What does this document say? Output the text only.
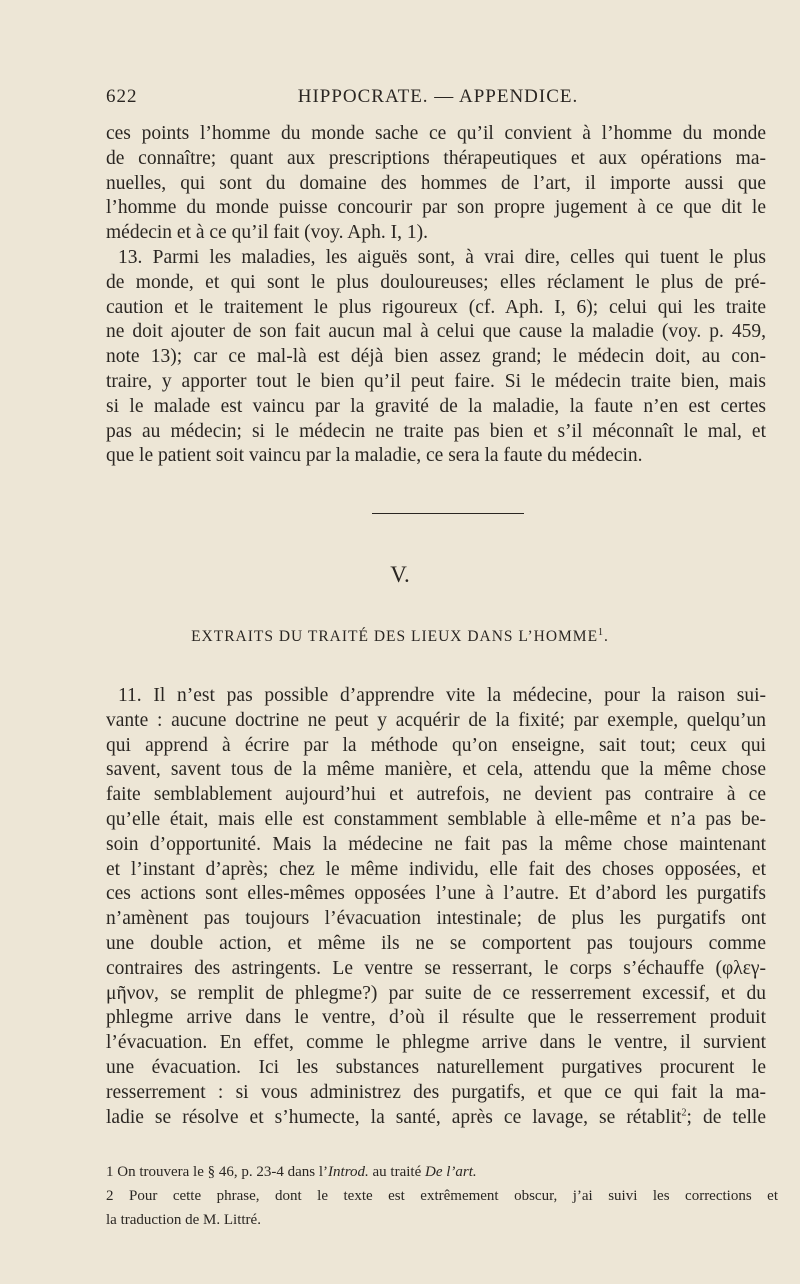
622	HIPPOCRATE. — APPENDICE.
ces points l’homme du monde sache ce qu’il convient à l’homme du monde
de connaître; quant aux prescriptions thérapeutiques et aux opérations ma-
nuelles, qui sont du domaine des hommes de l’art, il importe aussi que
l’homme du monde puisse concourir par son propre jugement à ce que dit le
médecin et à ce qu’il fait (voy. Aph. I, 1).
13. Parmi les maladies, les aiguës sont, à vrai dire, celles qui tuent le plus
de monde, et qui sont le plus douloureuses; elles réclament le plus de pré-
caution et le traitement le plus rigoureux (cf. Aph. I, 6); celui qui les traite
ne doit ajouter de son fait aucun mal à celui que cause la maladie (voy. p. 459,
note 13); car ce mal-là est déjà bien assez grand; le médecin doit, au con-
traire, y apporter tout le bien qu’il peut faire. Si le médecin traite bien, mais
si le malade est vaincu par la gravité de la maladie, la faute n’en est certes
pas au médecin; si le médecin ne traite pas bien et s’il méconnaît le mal, et
que le patient soit vaincu par la maladie, ce sera la faute du médecin.
V.
EXTRAITS DU TRAITÉ DES LIEUX DANS L’HOMME$^1$.
11. Il n’est pas possible d’apprendre vite la médecine, pour la raison sui-
vante : aucune doctrine ne peut y acquérir de la fixité; par exemple, quelqu’un
qui apprend à écrire par la méthode qu’on enseigne, sait tout; ceux qui
savent, savent tous de la même manière, et cela, attendu que la même chose
faite semblablement aujourd’hui et autrefois, ne devient pas contraire à ce
qu’elle était, mais elle est constamment semblable à elle-même et n’a pas be-
soin d’opportunité. Mais la médecine ne fait pas la même chose maintenant
et l’instant d’après; chez le même individu, elle fait des choses opposées, et
ces actions sont elles-mêmes opposées l’une à l’autre. Et d’abord les purgatifs
n’amènent pas toujours l’évacuation intestinale; de plus les purgatifs ont
une double action, et même ils ne se comportent pas toujours comme
contraires des astringents. Le ventre se resserrant, le corps s’échauffe (φλεγ-
μῆνον, se remplit de phlegme?) par suite de ce resserrement excessif, et du
phlegme arrive dans le ventre, d’où il résulte que le resserrement produit
l’évacuation. En effet, comme le phlegme arrive dans le ventre, il survient
une évacuation. Ici les substances naturellement purgatives procurent le
resserrement : si vous administrez des purgatifs, et que ce qui fait la ma-
ladie se résolve et s’humecte, la santé, après ce lavage, se rétablit$^2$; de telle
1 On trouvera le § 46, p. 23-4 dans l’Introd. au traité De l’art.
2 Pour cette phrase, dont le texte est extrêmement obscur, j’ai suivi les corrections et
la traduction de M. Littré.
